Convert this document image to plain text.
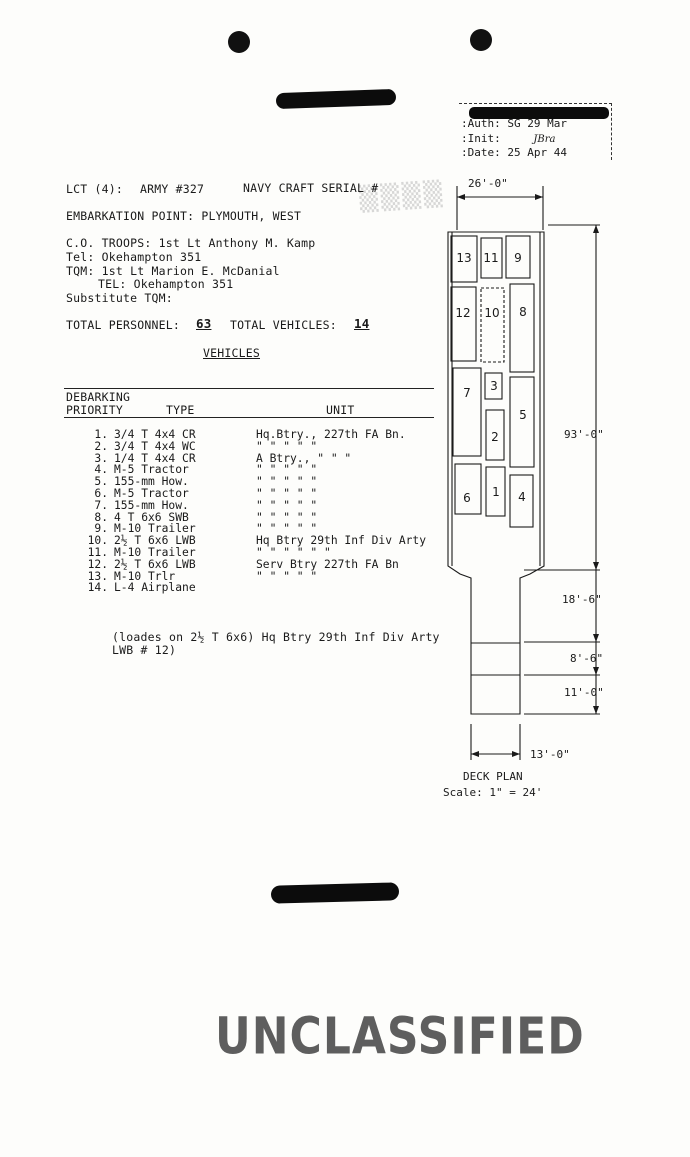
:Auth: SG 29 Mar
:Init:	JBra
:Date: 25 Apr 44
▒▒▒▒
LCT (4): ARMY #327	NAVY CRAFT SERIAL #
EMBARKATION POINT: PLYMOUTH, WEST
C.O. TROOPS: 1st Lt Anthony M. Kamp
Tel: Okehampton 351
TQM: 1st Lt Marion E. McDanial
TEL: Okehampton 351
Substitute TQM:
TOTAL PERSONNEL: 63 TOTAL VEHICLES: 14
VEHICLES
DEBARKING
PRIORITY	TYPE	UNIT
1.	3/4 T 4x4 CR	Hq.Btry., 227th FA Bn.
2.	3/4 T 4x4 WC	" " " " "
3.	1/4 T 4x4 CR	A Btry., " " "
4.	M-5 Tractor	" " " " "
5.	155-mm How.	" " " " "
6.	M-5 Tractor	" " " " "
7.	155-mm How.	" " " " "
8.	4 T 6x6 SWB	" " " " "
9.	M-10 Trailer	" " " " "
10.	2½ T 6x6 LWB	Hq Btry 29th Inf Div Arty
11.	M-10 Trailer	" " " " " "
12.	2½ T 6x6 LWB	Serv Btry 227th FA Bn
13.	M-10 Trlr	" " " " "
14.	L-4 Airplane	
(loades on 2½ T 6x6) Hq Btry 29th Inf Div Arty
LWB # 12)
13 11 9
12 10 8
7 3
5
2
6 1 4
26'-0"
93'-0"
18'-6"
8'-6"
11'-0"
13'-0"
DECK PLAN
Scale: 1" = 24'
UNCLASSIFIED
